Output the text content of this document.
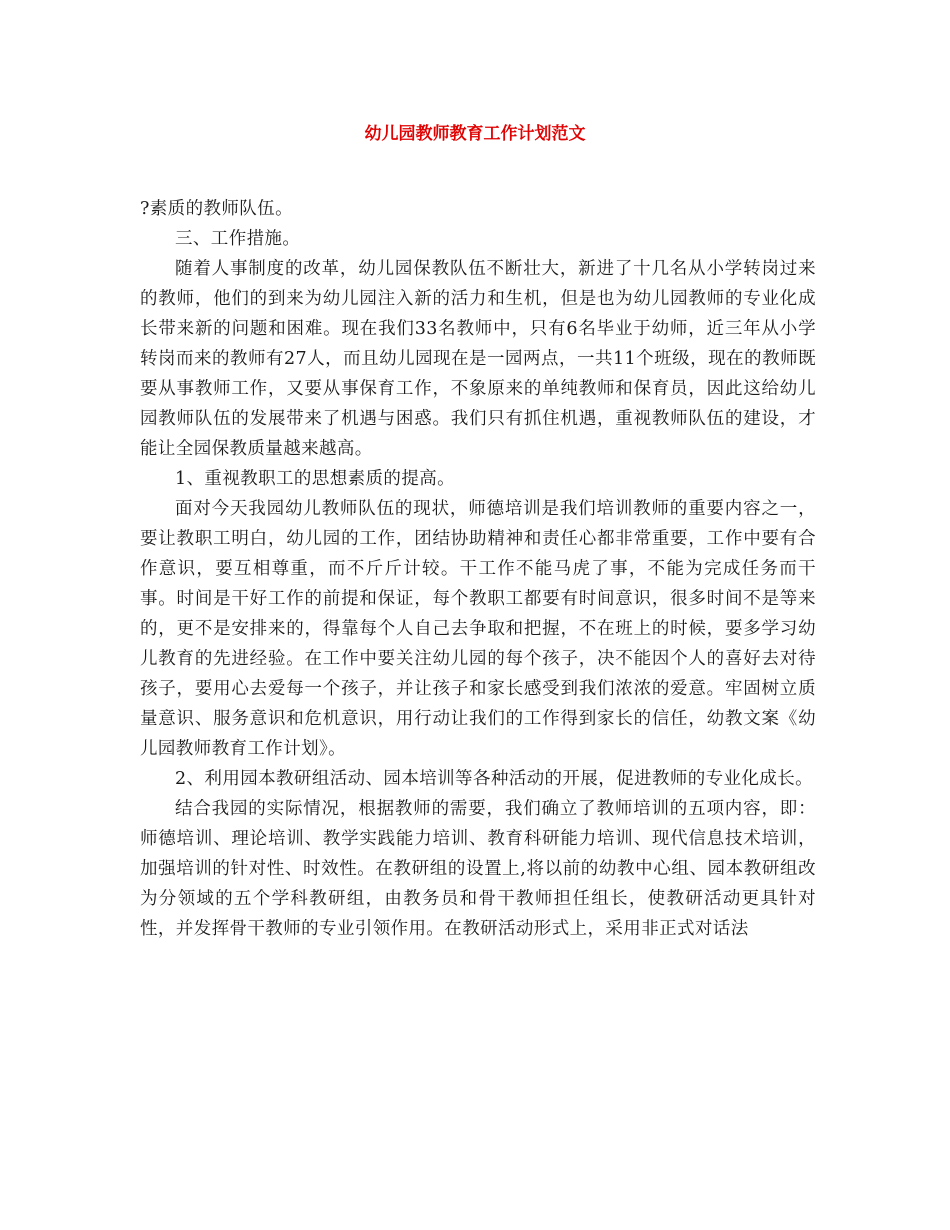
幼儿园教师教育工作计划范文

?素质的教师队伍。

三、工作措施。

随着人事制度的改革，幼儿园保教队伍不断壮大，新进了十几名从小学转岗过来的教师，他们的到来为幼儿园注入新的活力和生机，但是也为幼儿园教师的专业化成长带来新的问题和困难。现在我们33名教师中，只有6名毕业于幼师，近三年从小学转岗而来的教师有27人，而且幼儿园现在是一园两点，一共11个班级，现在的教师既要从事教师工作，又要从事保育工作，不象原来的单纯教师和保育员，因此这给幼儿园教师队伍的发展带来了机遇与困惑。我们只有抓住机遇，重视教师队伍的建设，才能让全园保教质量越来越高。

1、重视教职工的思想素质的提高。

面对今天我园幼儿教师队伍的现状，师德培训是我们培训教师的重要内容之一，要让教职工明白，幼儿园的工作，团结协助精神和责任心都非常重要，工作中要有合作意识，要互相尊重，而不斤斤计较。干工作不能马虎了事，不能为完成任务而干事。时间是干好工作的前提和保证，每个教职工都要有时间意识，很多时间不是等来的，更不是安排来的，得靠每个人自己去争取和把握，不在班上的时候，要多学习幼儿教育的先进经验。在工作中要关注幼儿园的每个孩子，决不能因个人的喜好去对待孩子，要用心去爱每一个孩子，并让孩子和家长感受到我们浓浓的爱意。牢固树立质量意识、服务意识和危机意识，用行动让我们的工作得到家长的信任，幼教文案《幼儿园教师教育工作计划》。

2、利用园本教研组活动、园本培训等各种活动的开展，促进教师的专业化成长。

结合我园的实际情况，根据教师的需要，我们确立了教师培训的五项内容，即：师德培训、理论培训、教学实践能力培训、教育科研能力培训、现代信息技术培训，加强培训的针对性、时效性。在教研组的设置上,将以前的幼教中心组、园本教研组改为分领域的五个学科教研组，由教务员和骨干教师担任组长，使教研活动更具针对性，并发挥骨干教师的专业引领作用。在教研活动形式上，采用非正式对话法
